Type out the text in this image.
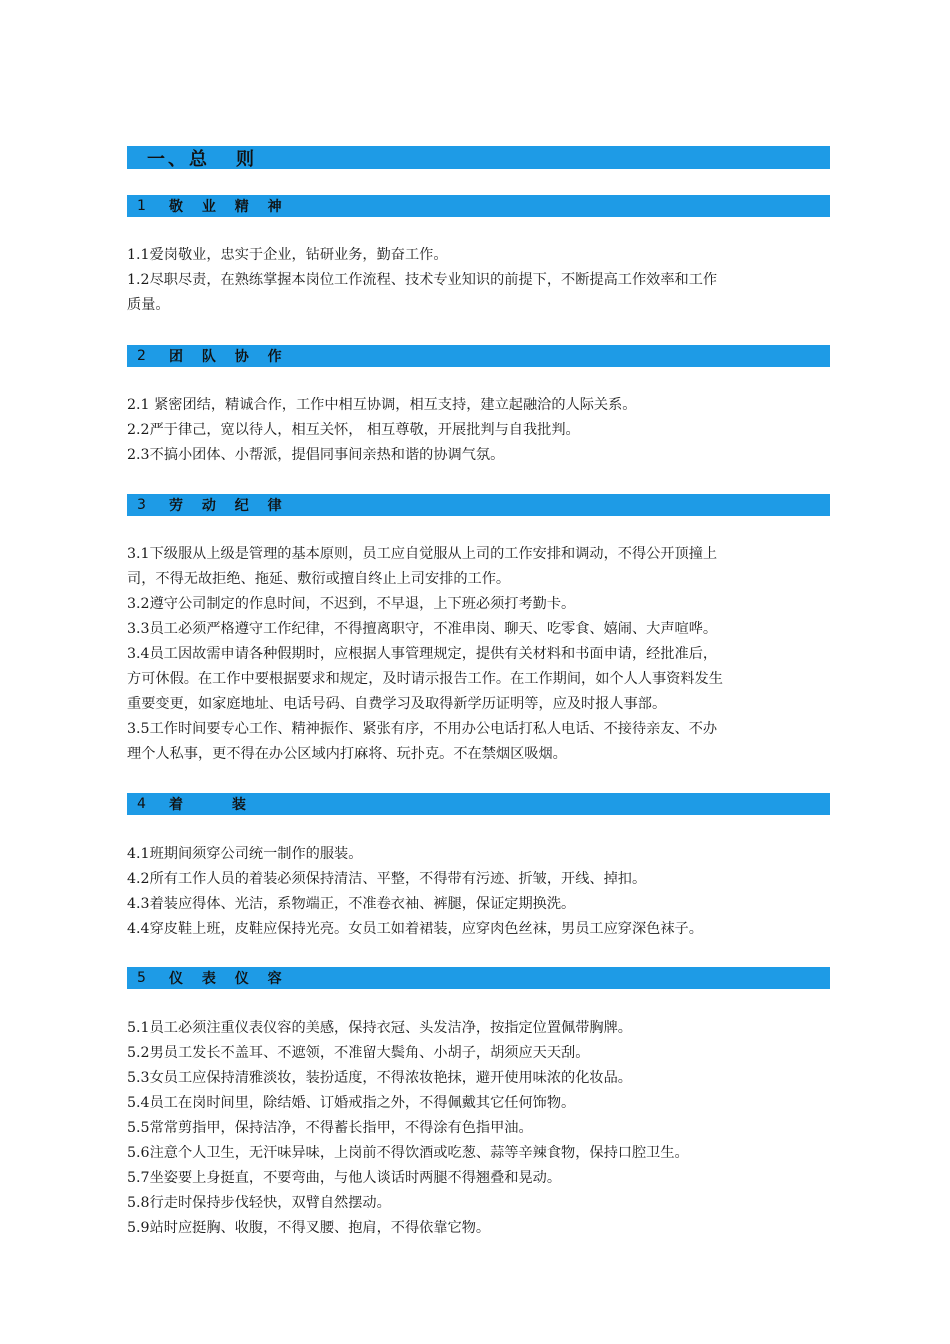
一、总 则
1	敬 业 精 神

1.1爱岗敬业，忠实于企业，钻研业务，勤奋工作。

1.2尽职尽责，在熟练掌握本岗位工作流程、技术专业知识的前提下，不断提高工作效率和工作

质量。

2	团 队 协 作

2.1 紧密团结，精诚合作，工作中相互协调，相互支持，建立起融洽的人际关系。

2.2严于律己，宽以待人，相互关怀， 相互尊敬，开展批判与自我批判。

2.3不搞小团体、小帮派，提倡同事间亲热和谐的协调气氛。

3	劳 动 纪 律

3.1下级服从上级是管理的基本原则，员工应自觉服从上司的工作安排和调动，不得公开顶撞上

司，不得无故拒绝、拖延、敷衍或擅自终止上司安排的工作。

3.2遵守公司制定的作息时间，不迟到，不早退，上下班必须打考勤卡。

3.3员工必须严格遵守工作纪律，不得擅离职守，不准串岗、聊天、吃零食、嬉闹、大声喧哗。

3.4员工因故需申请各种假期时，应根据人事管理规定，提供有关材料和书面申请，经批准后，

方可休假。在工作中要根据要求和规定，及时请示报告工作。在工作期间，如个人人事资料发生

重要变更，如家庭地址、电话号码、自费学习及取得新学历证明等，应及时报人事部。

3.5工作时间要专心工作、精神振作、紧张有序，不用办公电话打私人电话、不接待亲友、不办

理个人私事，更不得在办公区域内打麻将、玩扑克。不在禁烟区吸烟。

4	着 装

4.1班期间须穿公司统一制作的服装。

4.2所有工作人员的着装必须保持清洁、平整，不得带有污迹、折皱，开线、掉扣。

4.3着装应得体、光洁，系物端正，不准卷衣袖、裤腿，保证定期换洗。

4.4穿皮鞋上班，皮鞋应保持光亮。女员工如着裙装，应穿肉色丝袜，男员工应穿深色袜子。

5	仪 表 仪 容

5.1员工必须注重仪表仪容的美感，保持衣冠、头发洁净，按指定位置佩带胸牌。

5.2男员工发长不盖耳、不遮领，不准留大鬓角、小胡子，胡须应天天刮。

5.3女员工应保持清雅淡妆，装扮适度，不得浓妆艳抹，避开使用味浓的化妆品。

5.4员工在岗时间里，除结婚、订婚戒指之外，不得佩戴其它任何饰物。

5.5常常剪指甲，保持洁净，不得蓄长指甲，不得涂有色指甲油。

5.6注意个人卫生，无汗味异味，上岗前不得饮酒或吃葱、蒜等辛辣食物，保持口腔卫生。

5.7坐姿要上身挺直，不要弯曲，与他人谈话时两腿不得翘叠和晃动。

5.8行走时保持步伐轻快，双臂自然摆动。

5.9站时应挺胸、收腹，不得叉腰、抱肩，不得依靠它物。
